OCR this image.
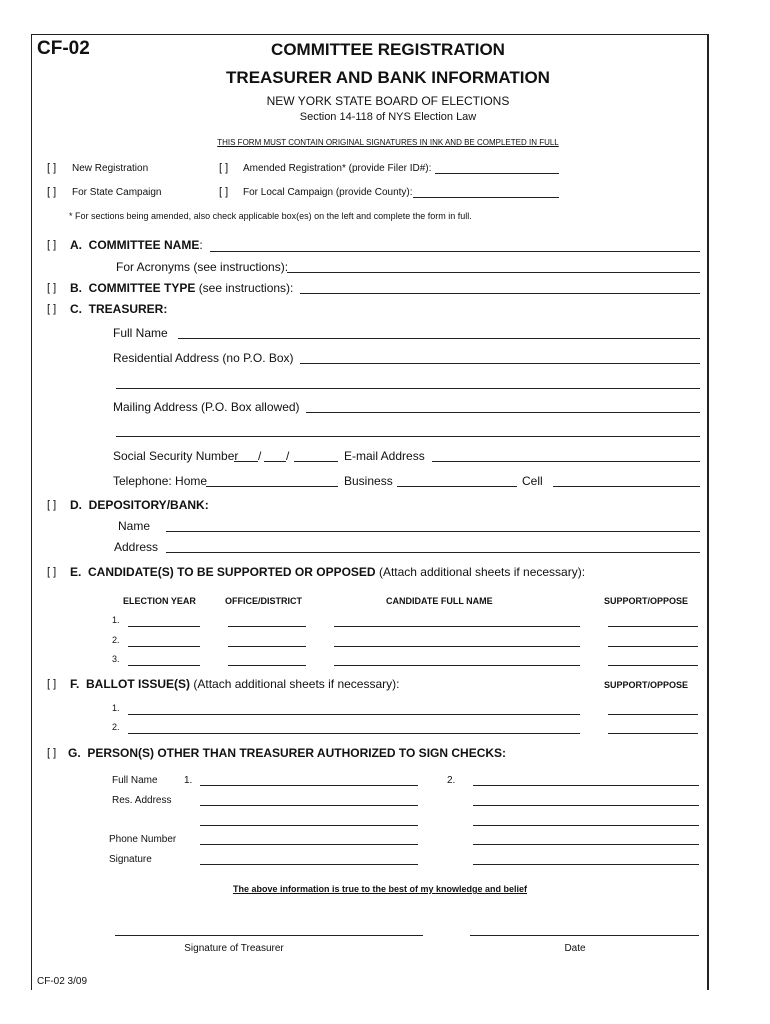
CF-02	COMMITTEE REGISTRATION
TREASURER AND BANK INFORMATION
NEW YORK STATE BOARD OF ELECTIONS
Section 14-118 of NYS Election Law
THIS FORM MUST CONTAIN ORIGINAL SIGNATURES IN INK AND BE COMPLETED IN FULL
[ ] New Registration	[ ] Amended Registration* (provide Filer ID#):
[ ] For State Campaign	[ ] For Local Campaign (provide County):
* For sections being amended, also check applicable box(es) on the left and complete the form in full.
[ ] A. COMMITTEE NAME:
For Acronyms (see instructions):
[ ] B. COMMITTEE TYPE (see instructions):
[ ] C. TREASURER:
Full Name
Residential Address (no P.O. Box)
Mailing Address (P.O. Box allowed)
Social Security Number / /	E-mail Address
Telephone: Home	Business	Cell
[ ] D. DEPOSITORY/BANK:
Name
Address
[ ] E. CANDIDATE(S) TO BE SUPPORTED OR OPPOSED (Attach additional sheets if necessary):
ELECTION YEAR	OFFICE/DISTRICT	CANDIDATE FULL NAME	SUPPORT/OPPOSE
1.
2.
3.
[ ] F. BALLOT ISSUE(S) (Attach additional sheets if necessary):	SUPPORT/OPPOSE
1.
2.
[ ] G. PERSON(S) OTHER THAN TREASURER AUTHORIZED TO SIGN CHECKS:
Full Name	1.	2.
Res. Address
Phone Number
Signature
The above information is true to the best of my knowledge and belief
Signature of Treasurer	Date
CF-02 3/09
